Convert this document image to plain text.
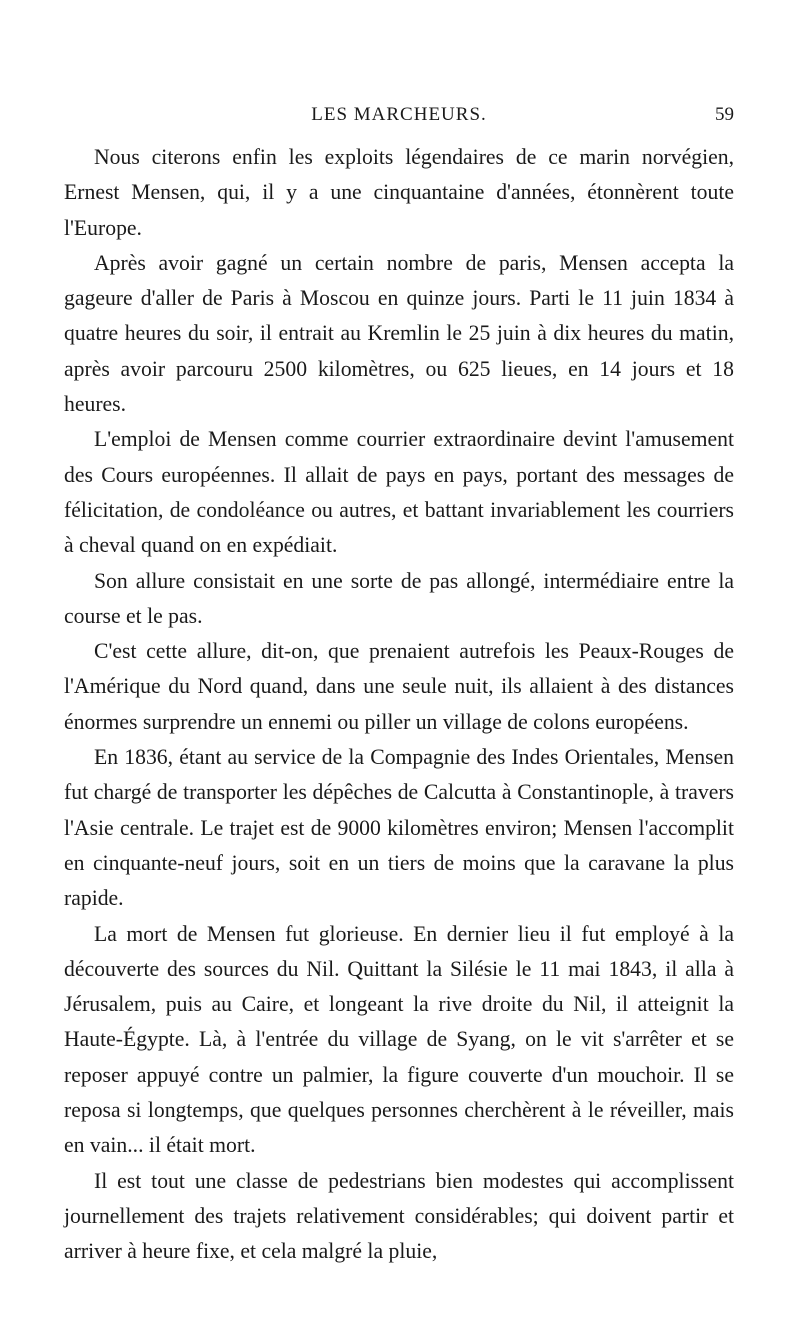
LES MARCHEURS.	59

Nous citerons enfin les exploits légendaires de ce marin norvégien, Ernest Mensen, qui, il y a une cinquantaine d'années, étonnèrent toute l'Europe.

Après avoir gagné un certain nombre de paris, Mensen accepta la gageure d'aller de Paris à Moscou en quinze jours. Parti le 11 juin 1834 à quatre heures du soir, il entrait au Kremlin le 25 juin à dix heures du matin, après avoir parcouru 2500 kilomètres, ou 625 lieues, en 14 jours et 18 heures.

L'emploi de Mensen comme courrier extraordinaire devint l'amusement des Cours européennes. Il allait de pays en pays, portant des messages de félicitation, de condoléance ou autres, et battant invariablement les courriers à cheval quand on en expédiait.

Son allure consistait en une sorte de pas allongé, intermédiaire entre la course et le pas.

C'est cette allure, dit-on, que prenaient autrefois les Peaux-Rouges de l'Amérique du Nord quand, dans une seule nuit, ils allaient à des distances énormes surprendre un ennemi ou piller un village de colons européens.

En 1836, étant au service de la Compagnie des Indes Orientales, Mensen fut chargé de transporter les dépêches de Calcutta à Constantinople, à travers l'Asie centrale. Le trajet est de 9000 kilomètres environ; Mensen l'accomplit en cinquante-neuf jours, soit en un tiers de moins que la caravane la plus rapide.

La mort de Mensen fut glorieuse. En dernier lieu il fut employé à la découverte des sources du Nil. Quittant la Silésie le 11 mai 1843, il alla à Jérusalem, puis au Caire, et longeant la rive droite du Nil, il atteignit la Haute-Égypte. Là, à l'entrée du village de Syang, on le vit s'arrêter et se reposer appuyé contre un palmier, la figure couverte d'un mouchoir. Il se reposa si longtemps, que quelques personnes cherchèrent à le réveiller, mais en vain... il était mort.

Il est tout une classe de pedestrians bien modestes qui accomplissent journellement des trajets relativement considérables; qui doivent partir et arriver à heure fixe, et cela malgré la pluie,
